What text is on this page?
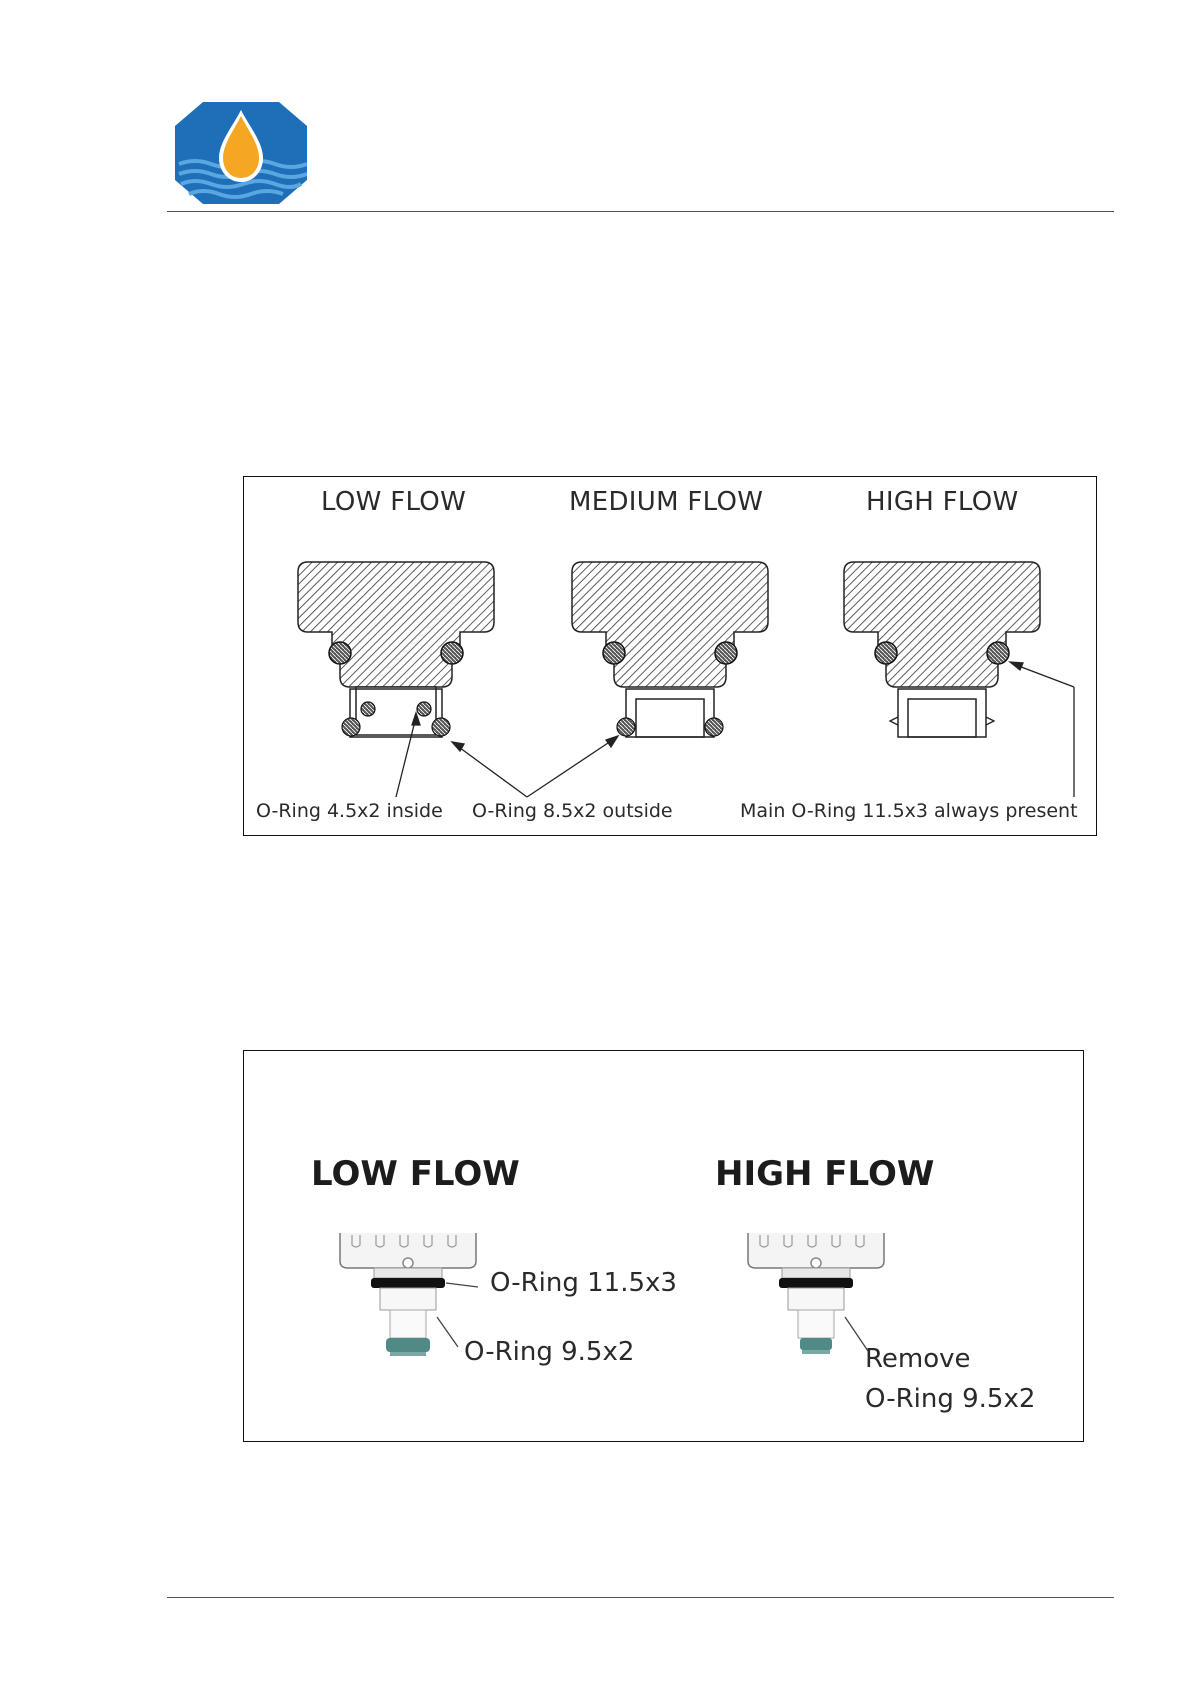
LOW FLOW	MEDIUM FLOW	HIGH FLOW
O-Ring 4.5x2 inside O-Ring 8.5x2 outside	Main O-Ring 11.5x3 always present
LOW FLOW	HIGH FLOW
O-Ring 11.5x3
O-Ring 9.5x2	Remove
O-Ring 9.5x2
